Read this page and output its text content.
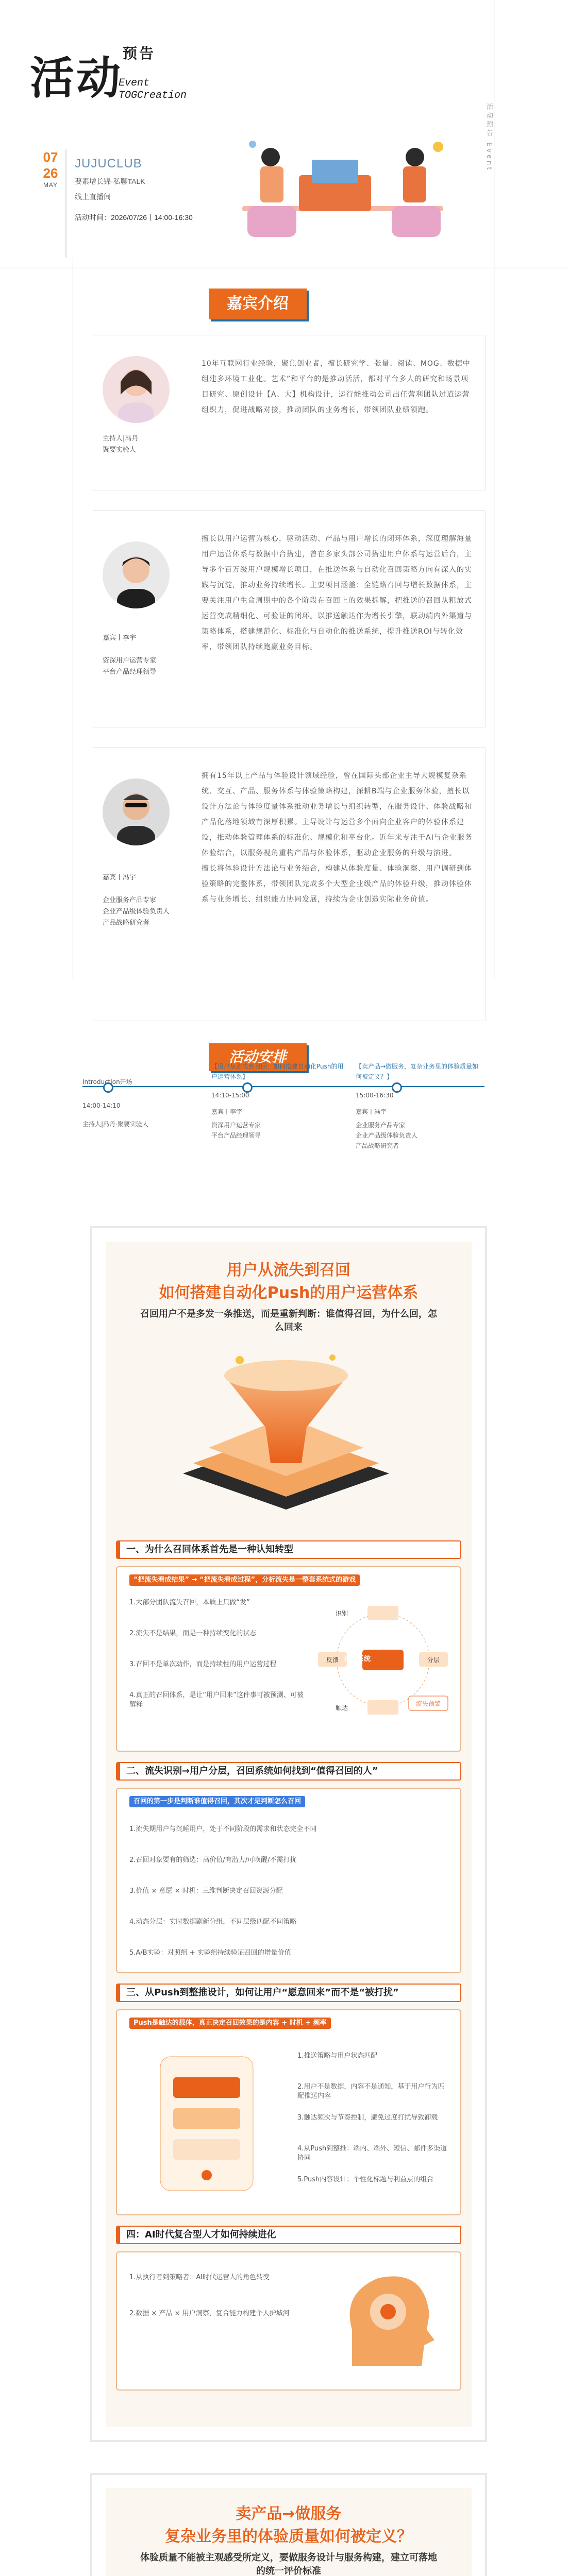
活动$^{预告}$
Event
TOGCreation
07
26
MAY
JUJUCLUB
要素增长锦·私聊TALK
线上直播间
活动时间：2026/07/26丨14:00-16:30
活动预告 Event
嘉宾介绍
主持人|冯丹
聚要实验人
10年互联网行业经验，聚焦创业者，擅长研究学、张量、阅读、MOG、数据中组建多环境工业化。艺术”和平台的是推动活活，都对平台多人的研究和场景项目研究、原创设计【A、大】机构设计，运行能推动公司出任营利团队过道运营组织力，促进战略对接，推动团队的业务增长，带领团队业绩领跑。

嘉宾丨李宇

资深用户运营专家
平台产品经理领导

擅长以用户运营为核心，驱动活动、产品与用户增长的闭环体系，深度理解海量用户运营体系与数据中台搭建，曾在多家头部公司搭建用户体系与运营后台，主导多个百万级用户规模增长项目，在推送体系与自动化召回策略方向有深入的实践与沉淀，推动业务持续增长。主要项目涵盖：全链路召回与增长数据体系，主要关注用户生命周期中的各个阶段在召回上的效果拆解，把推送的召回从粗放式运营变成精细化、可验证的闭环。以推送触达作为增长引擎，联动端内外渠道与策略体系，搭建规范化、标准化与自动化的推送系统，提升推送ROI与转化效率，带领团队持续跑赢业务目标。

嘉宾丨冯宇

企业服务产品专家
企业产品级体验负责人
产品战略研究者

拥有15年以上产品与体验设计领域经验，曾在国际头部企业主导大规模复杂系统、交互、产品、服务体系与体验策略构建，深耕B端与企业服务体验，擅长以设计方法论与体验度量体系推动业务增长与组织转型，在服务设计、体验战略和产品化落地领域有深厚积累。主导设计与运营多个面向企业客户的体验体系建设，推动体验管理体系的标准化、规模化和平台化。近年来专注于AI与企业服务体验结合，以服务视角重构产品与体验体系，驱动企业服务的升级与演进。
擅长将体验设计方法论与业务结合，构建从体验度量、体验洞察、用户调研到体验策略的完整体系，带领团队完成多个大型企业级产品的体验升级，推动体验体系与业务增长、组织能力协同发展，持续为企业创造实际业务价值。
活动安排
Introduction开场
14:00-14:10
主持人|冯丹·聚要实验人
【用户从流失到召回：如何搭建自动化Push的用户运营体系】
14:10-15:00
嘉宾丨李宇
资深用户运营专家
平台产品经理领导
【卖产品→做服务，复杂业务里的体验质量如何被定义？】
15:00-16:30
嘉宾丨冯宇
企业服务产品专家
企业产品级体验负责人
产品战略研究者
用户从流失到召回
如何搭建自动化Push的用户运营体系
召回用户不是多发一条推送，而是重新判断：谁值得召回，为什么回，怎么回来
一、为什么召回体系首先是一种认知转型
“把流失看成结果” → “把流失看成过程”，分析流失是一整套系统式的游戏
1.大部分团队流失召回，本质上只做“发”
2.流失不是结果，而是一种持续变化的状态
3.召回不是单次动作，而是持续性的用户运营过程
4.真正的召回体系，是让“用户回来”这件事可被预测、可被解释
召回系统
识别
分层
触达
反馈
流失预警
二、流失识别→用户分层，召回系统如何找到“值得召回的人”
召回的第一步是判断谁值得召回，其次才是判断怎么召回
1.流失期用户与沉睡用户，处于不同阶段的需求和状态完全不同
2.召回对象要有的筛选：高价值/有潜力/可唤醒/不需打扰
3.价值 × 意愿 × 时机：三维判断决定召回资源分配
4.动态分层：实时数据刷新分组，不同层级匹配不同策略
5.A/B实验：对照组 + 实验组持续验证召回的增量价值
三、从Push到整推设计，如何让用户“愿意回来”而不是“被打扰”
Push是触达的载体，真正决定召回效果的是内容 + 时机 + 频率
1.推送策略与用户状态匹配
2.用户不是数据，内容不是通知，基于用户行为匹配推送内容
3.触达频次与节奏控制，避免过度打扰导致卸载
4.从Push到整推：端内、端外、短信、邮件多渠道协同
5.Push内容设计：个性化标题与利益点的组合
四：AI时代复合型人才如何持续进化
1.从执行者到策略者：AI时代运营人的角色转变
2.数据 × 产品 × 用户洞察，复合能力构建个人护城河
卖产品→做服务
复杂业务里的体验质量如何被定义？
体验质量不能被主观感受所定义，要做服务设计与服务构建，建立可落地的统一评价标准
